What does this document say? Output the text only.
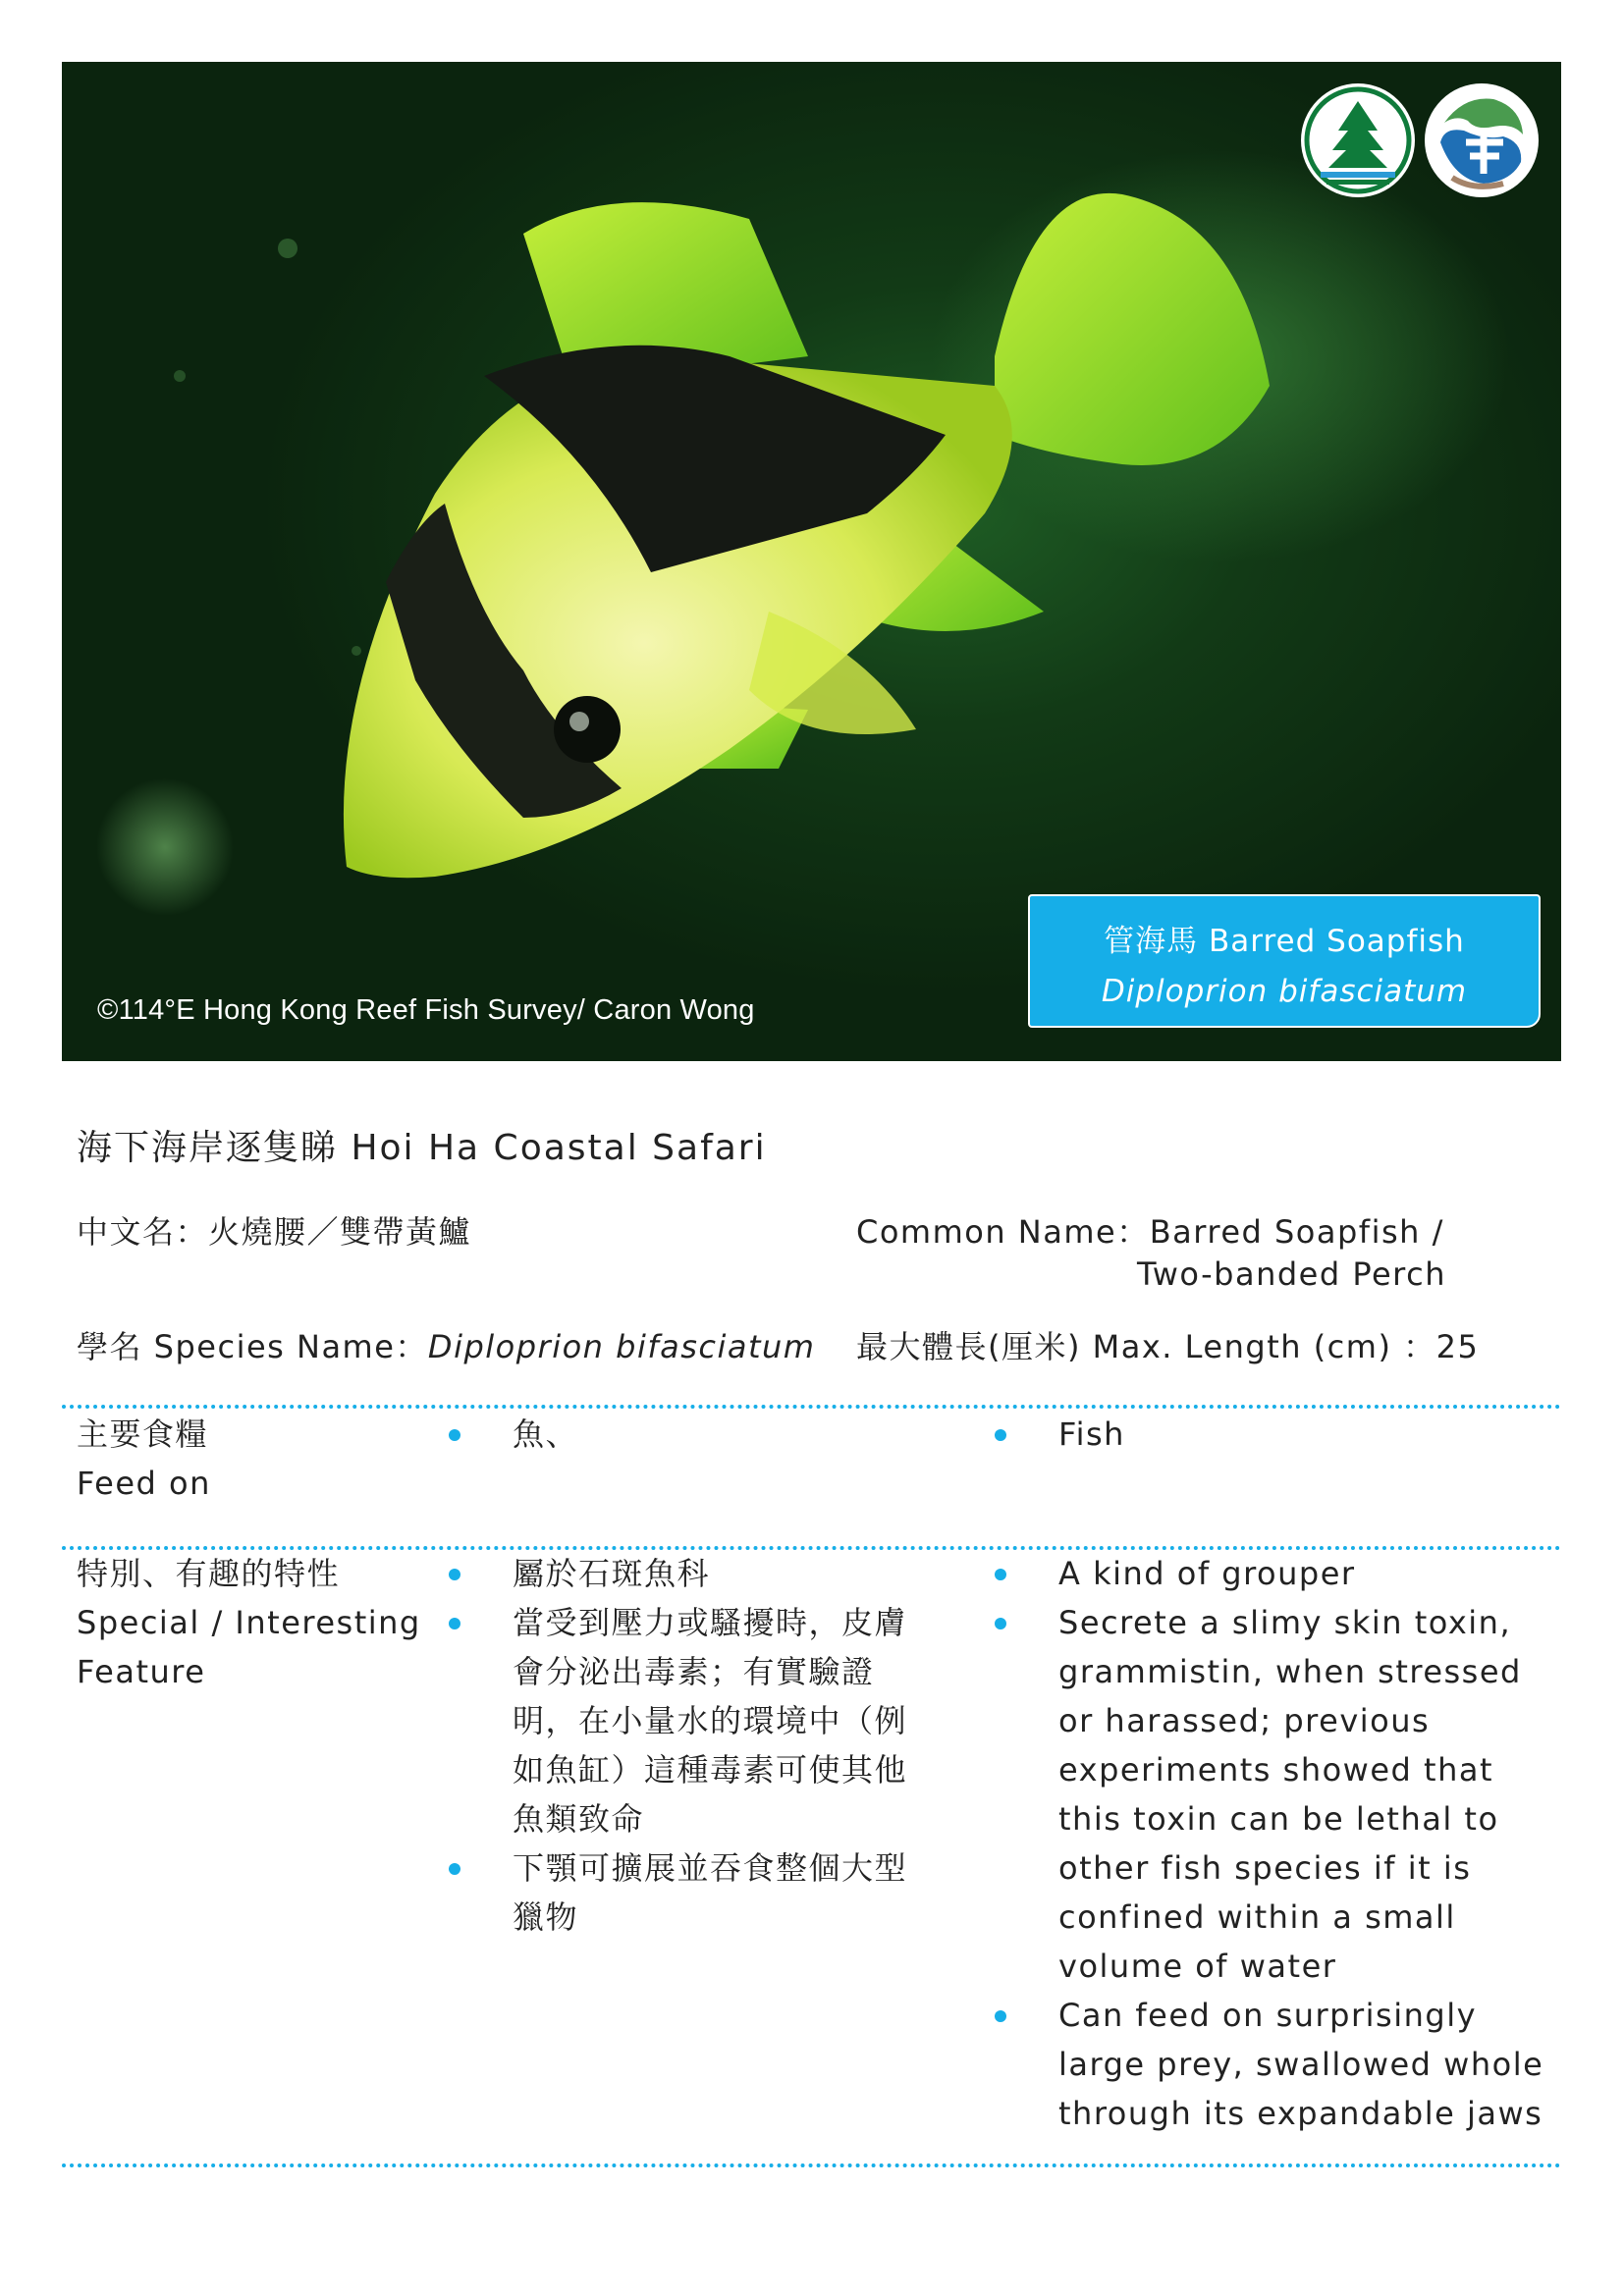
管海馬 Barred Soapfish
Diploprion bifasciatum
©114°E Hong Kong Reef Fish Survey/ Caron Wong
海下海岸逐隻睇 Hoi Ha Coastal Safari
中文名：火燒腰／雙帶黃鱸	Common Name：Barred Soapfish /
Two-banded Perch
學名 Species Name：Diploprion bifasciatum 最大體長(厘米) Max. Length (cm) ：25
主要食糧
Feed on
魚、	Fish
特別、有趣的特性
Special / Interesting
Feature
屬於石斑魚科
當受到壓力或騷擾時，皮膚會分泌出毒素；有實驗證明，在小量水的環境中（例如魚缸）這種毒素可使其他魚類致命
下顎可擴展並吞食整個大型獵物
A kind of grouper
Secrete a slimy skin toxin, grammistin, when stressed or harassed; previous experiments showed that this toxin can be lethal to other fish species if it is confined within a small volume of water
Can feed on surprisingly large prey, swallowed whole through its expandable jaws
